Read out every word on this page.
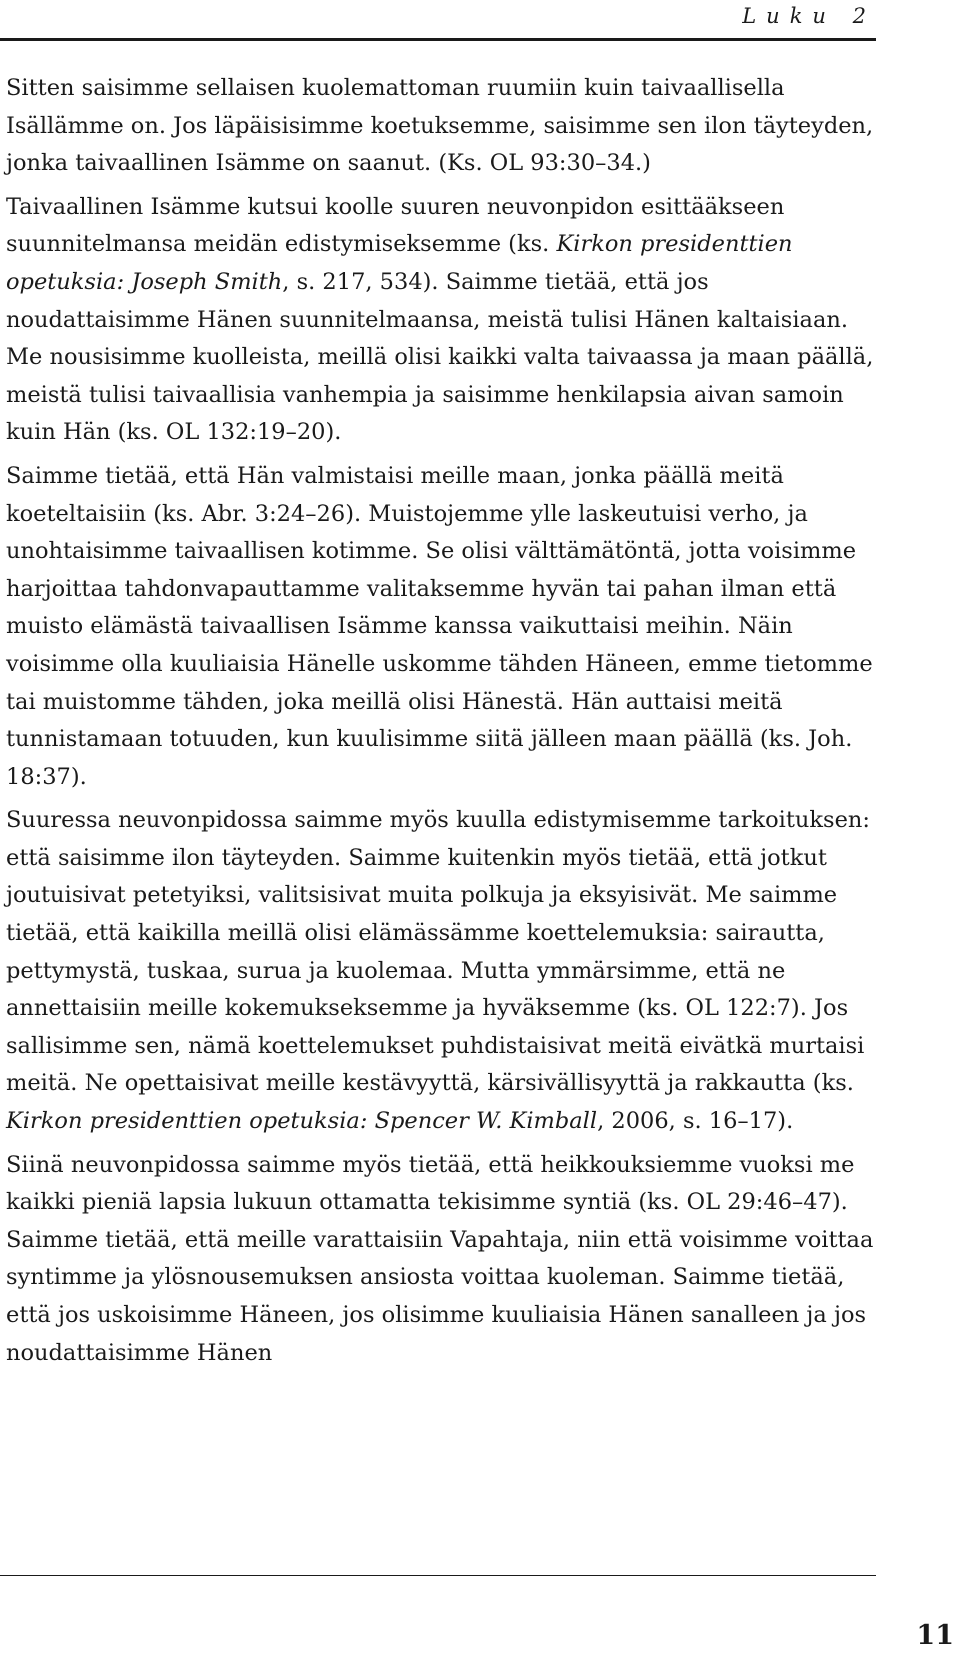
Luku 2

Sitten saisimme sellaisen kuolemattoman ruumiin kuin taivaallisella Isällämme on. Jos läpäisisimme koetuksemme, saisimme sen ilon täyteyden, jonka taivaallinen Isämme on saanut. (Ks. OL 93:30–34.)

Taivaallinen Isämme kutsui koolle suuren neuvonpidon esittääkseen suunnitelmansa meidän edistymiseksemme (ks. Kirkon presidenttien opetuksia: Joseph Smith, s. 217, 534). Saimme tietää, että jos noudattaisimme Hänen suunnitelmaansa, meistä tulisi Hänen kaltaisiaan. Me nousisimme kuolleista, meillä olisi kaikki valta taivaassa ja maan päällä, meistä tulisi taivaallisia vanhempia ja saisimme henkilapsia aivan samoin kuin Hän (ks. OL 132:19–20).

Saimme tietää, että Hän valmistaisi meille maan, jonka päällä meitä koeteltaisiin (ks. Abr. 3:24–26). Muistojemme ylle laskeutuisi verho, ja unohtaisimme taivaallisen kotimme. Se olisi välttämätöntä, jotta voisimme harjoittaa tahdonvapauttamme valitaksemme hyvän tai pahan ilman että muisto elämästä taivaallisen Isämme kanssa vaikuttaisi meihin. Näin voisimme olla kuuliaisia Hänelle uskomme tähden Häneen, emme tietomme tai muistomme tähden, joka meillä olisi Hänestä. Hän auttaisi meitä tunnistamaan totuuden, kun kuulisimme siitä jälleen maan päällä (ks. Joh. 18:37).

Suuressa neuvonpidossa saimme myös kuulla edistymisemme tarkoituksen: että saisimme ilon täyteyden. Saimme kuitenkin myös tietää, että jotkut joutuisivat petetyiksi, valitsisivat muita polkuja ja eksyisivät. Me saimme tietää, että kaikilla meillä olisi elämässämme koettelemuksia: sairautta, pettymystä, tuskaa, surua ja kuolemaa. Mutta ymmärsimme, että ne annettaisiin meille kokemukseksemme ja hyväksemme (ks. OL 122:7). Jos sallisimme sen, nämä koettelemukset puhdistaisivat meitä eivätkä murtaisi meitä. Ne opettaisivat meille kestävyyttä, kärsivällisyyttä ja rakkautta (ks. Kirkon presidenttien opetuksia: Spencer W. Kimball, 2006, s. 16–17).

Siinä neuvonpidossa saimme myös tietää, että heikkouksiemme vuoksi me kaikki pieniä lapsia lukuun ottamatta tekisimme syntiä (ks. OL 29:46–47). Saimme tietää, että meille varattaisiin Vapahtaja, niin että voisimme voittaa syntimme ja ylösnousemuksen ansiosta voittaa kuoleman. Saimme tietää, että jos uskoisimme Häneen, jos olisimme kuuliaisia Hänen sanalleen ja jos noudattaisimme Hänen

11
